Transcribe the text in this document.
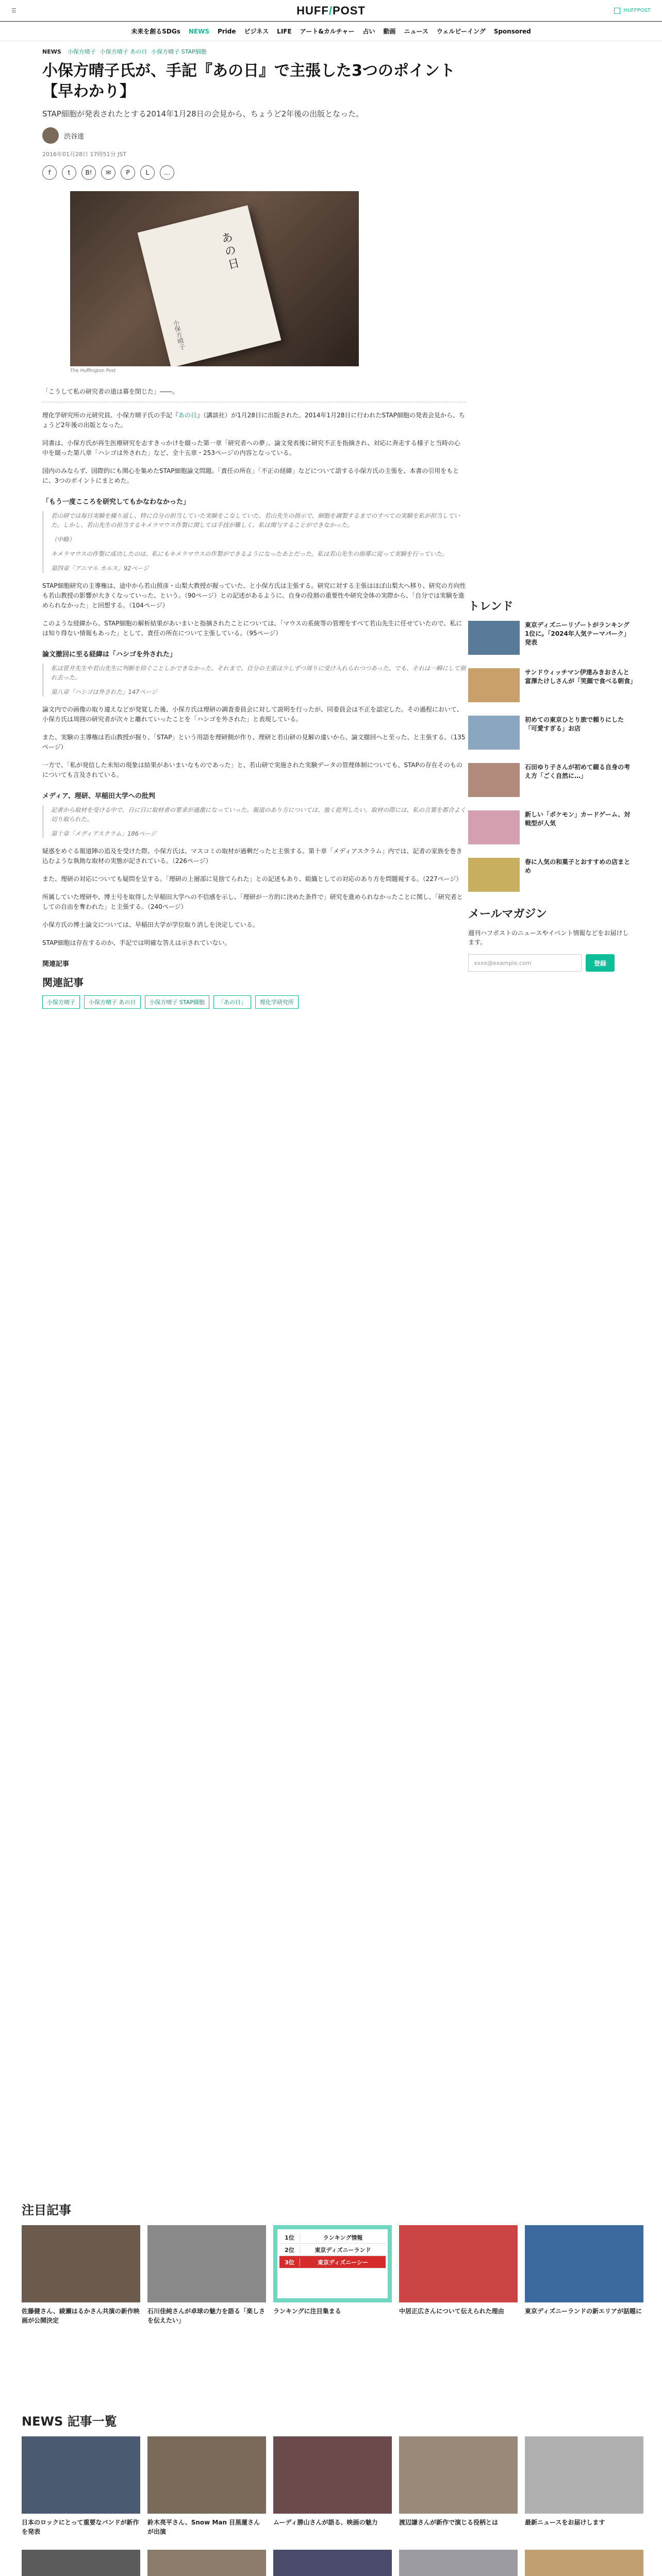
☰	HUFF/POST	HUFFPOST
未来を創るSDGs NEWS Pride ビジネス LIFE アート&カルチャー 占い 動画 ニュース ウェルビーイング Sponsored
NEWS 小保方晴子 小保方晴子 あの日 小保方晴子 STAP細胞
小保方晴子氏が、手記『あの日』で主張した3つのポイント【早わかり】
STAP細胞が発表されたとする2014年1月28日の会見から、ちょうど2年後の出版となった。
渋谷達
2016年01月28日 17時51分 JST
f	t	B!	✉	P	L	…
あの日
小保方晴子
The Huffington Post

「こうして私の研究者の道は幕を閉じた」――。

理化学研究所の元研究員、小保方晴子氏の手記『あの日』（講談社）が1月28日に出版された。2014年1月28日に行われたSTAP細胞の発表会見から、ちょうど2年後の出版となった。

同書は、小保方氏が再生医療研究を志すきっかけを綴った第一章「研究者への夢」、論文発表後に研究不正を指摘され、対応に奔走する様子と当時の心中を綴った第八章「ハシゴは外された」など、全十五章・253ページの内容となっている。

国内のみならず、国際的にも関心を集めたSTAP細胞論文問題。「責任の所在」「不正の経緯」などについて語する小保方氏の主張を、本書の引用をもとに、3つのポイントにまとめた。

「もう一度こころを研究してもかなわなかった」

若山研では毎日実験を繰り返し、特に自分の担当していた実験をこなしていた。若山先生の指示で、細胞を調製するまでのすべての実験を私が担当していた。しかし、若山先生の担当するキメラマウス作製に関しては手技が難しく、私は関与することができなかった。

（中略）

キメラマウスの作製に成功したのは、私にもキメラマウスの作製ができるようになったあとだった。私は若山先生の指導に従って実験を行っていた。

第四章「アニマル カルス」92ページ

STAP細胞研究の主導権は、途中から若山照彦・山梨大教授が握っていた、と小保方氏は主張する。研究に対する主張はほぼ山梨大へ移り、研究の方向性も若山教授の影響が大きくなっていった、という。（90ページ）との記述があるように、自身の役割の重要性や研究全体の実際から、「自分では実験を進められなかった」と回想する。（104ページ）

このような経緯から、STAP細胞の解析結果があいまいと指摘されたことについては、「マウスの系統等の管理をすべて若山先生に任せていたので、私には知り得ない情報もあった」として、責任の所在について主張している。（95ページ）

論文撤回に至る経緯は「ハシゴを外された」

私は笹井先生や若山先生に判断を仰ぐことしかできなかった。それまで、自分の主張は少しずつ周りに受け入れられつつあった。でも、それは一瞬にして崩れ去った。

第八章「ハシゴは外された」147ページ

論文内での画像の取り違えなどが発覚した後、小保方氏は理研の調査委員会に対して説明を行ったが、同委員会は不正を認定した。その過程において、小保方氏は周囲の研究者が次々と離れていったことを「ハシゴを外された」と表現している。

また、実験の主導権は若山教授が握り、「STAP」という用語を理研側が作り、理研と若山研の見解の違いから、論文撤回へと至った、と主張する。（135ページ）

一方で、「私が発信した未知の現象は結果があいまいなものであった」と、若山研で実施された実験データの管理体制についても、STAPの存在そのものについても言及されている。

メディア、理研、早稲田大学への批判

記者から取材を受ける中で、日に日に取材者の要求が過激になっていった。報道のあり方については、強く批判したい。取材の際には、私の言葉を都合よく切り取られた。

第十章「メディアスクラム」186ページ

疑惑をめぐる報道陣の追及を受けた際、小保方氏は、マスコミの取材が過剰だったと主張する。第十章「メディアスクラム」内では、記者の家族を巻き込むような執拗な取材の実態が記されている。（226ページ）

また、理研の対応についても疑問を呈する。「理研の上層部に見捨てられた」との記述もあり、組織としての対応のあり方を問題視する。（227ページ）

所属していた理研や、博士号を取得した早稲田大学への不信感を示し、「理研が一方的に決めた条件で」研究を進められなかったことに関し、「研究者としての自由を奪われた」と主張する。（240ページ）

小保方氏の博士論文については、早稲田大学が学位取り消しを決定している。

STAP細胞は存在するのか、手記では明確な答えは示されていない。

関連記事
関連記事
小保方晴子	小保方晴子 あの日	小保方晴子 STAP細胞	「あの日」	理化学研究所
トレンド
東京ディズニーリゾートがランキング1位に。「2024年人気テーマパーク」発表
サンドウィッチマン伊達みきおさんと富澤たけしさんが「笑顔で食べる朝食」
初めての東京ひとり旅で頼りにした「可愛すぎる」お店
石田ゆり子さんが初めて綴る自身の考え方「ごく自然に…」
新しい「ポケモン」カードゲーム、対戦型が人気
春に人気の和菓子とおすすめの店まとめ
メールマガジン
週刊ハフポストのニュースやイベント情報などをお届けします。
xxxx@example.com	登録
注目記事
佐藤健さん、綾瀬はるかさん共演の新作映画が公開決定
石川佳純さんが卓球の魅力を語る「楽しさを伝えたい」
1位	ランキング情報
2位	東京ディズニーランド
3位	東京ディズニーシー
ランキングに注目集まる	中居正広さんについて伝えられた理由	東京ディズニーランドの新エリアが話題に
NEWS 記事一覧
日本のロックにとって重要なバンドが新作を発表
鈴木亮平さん、Snow Man 目黒蓮さんが出演
ムーディ勝山さんが語る、映画の魅力	渡辺謙さんが新作で演じる役柄とは	最新ニュースをお届けします
